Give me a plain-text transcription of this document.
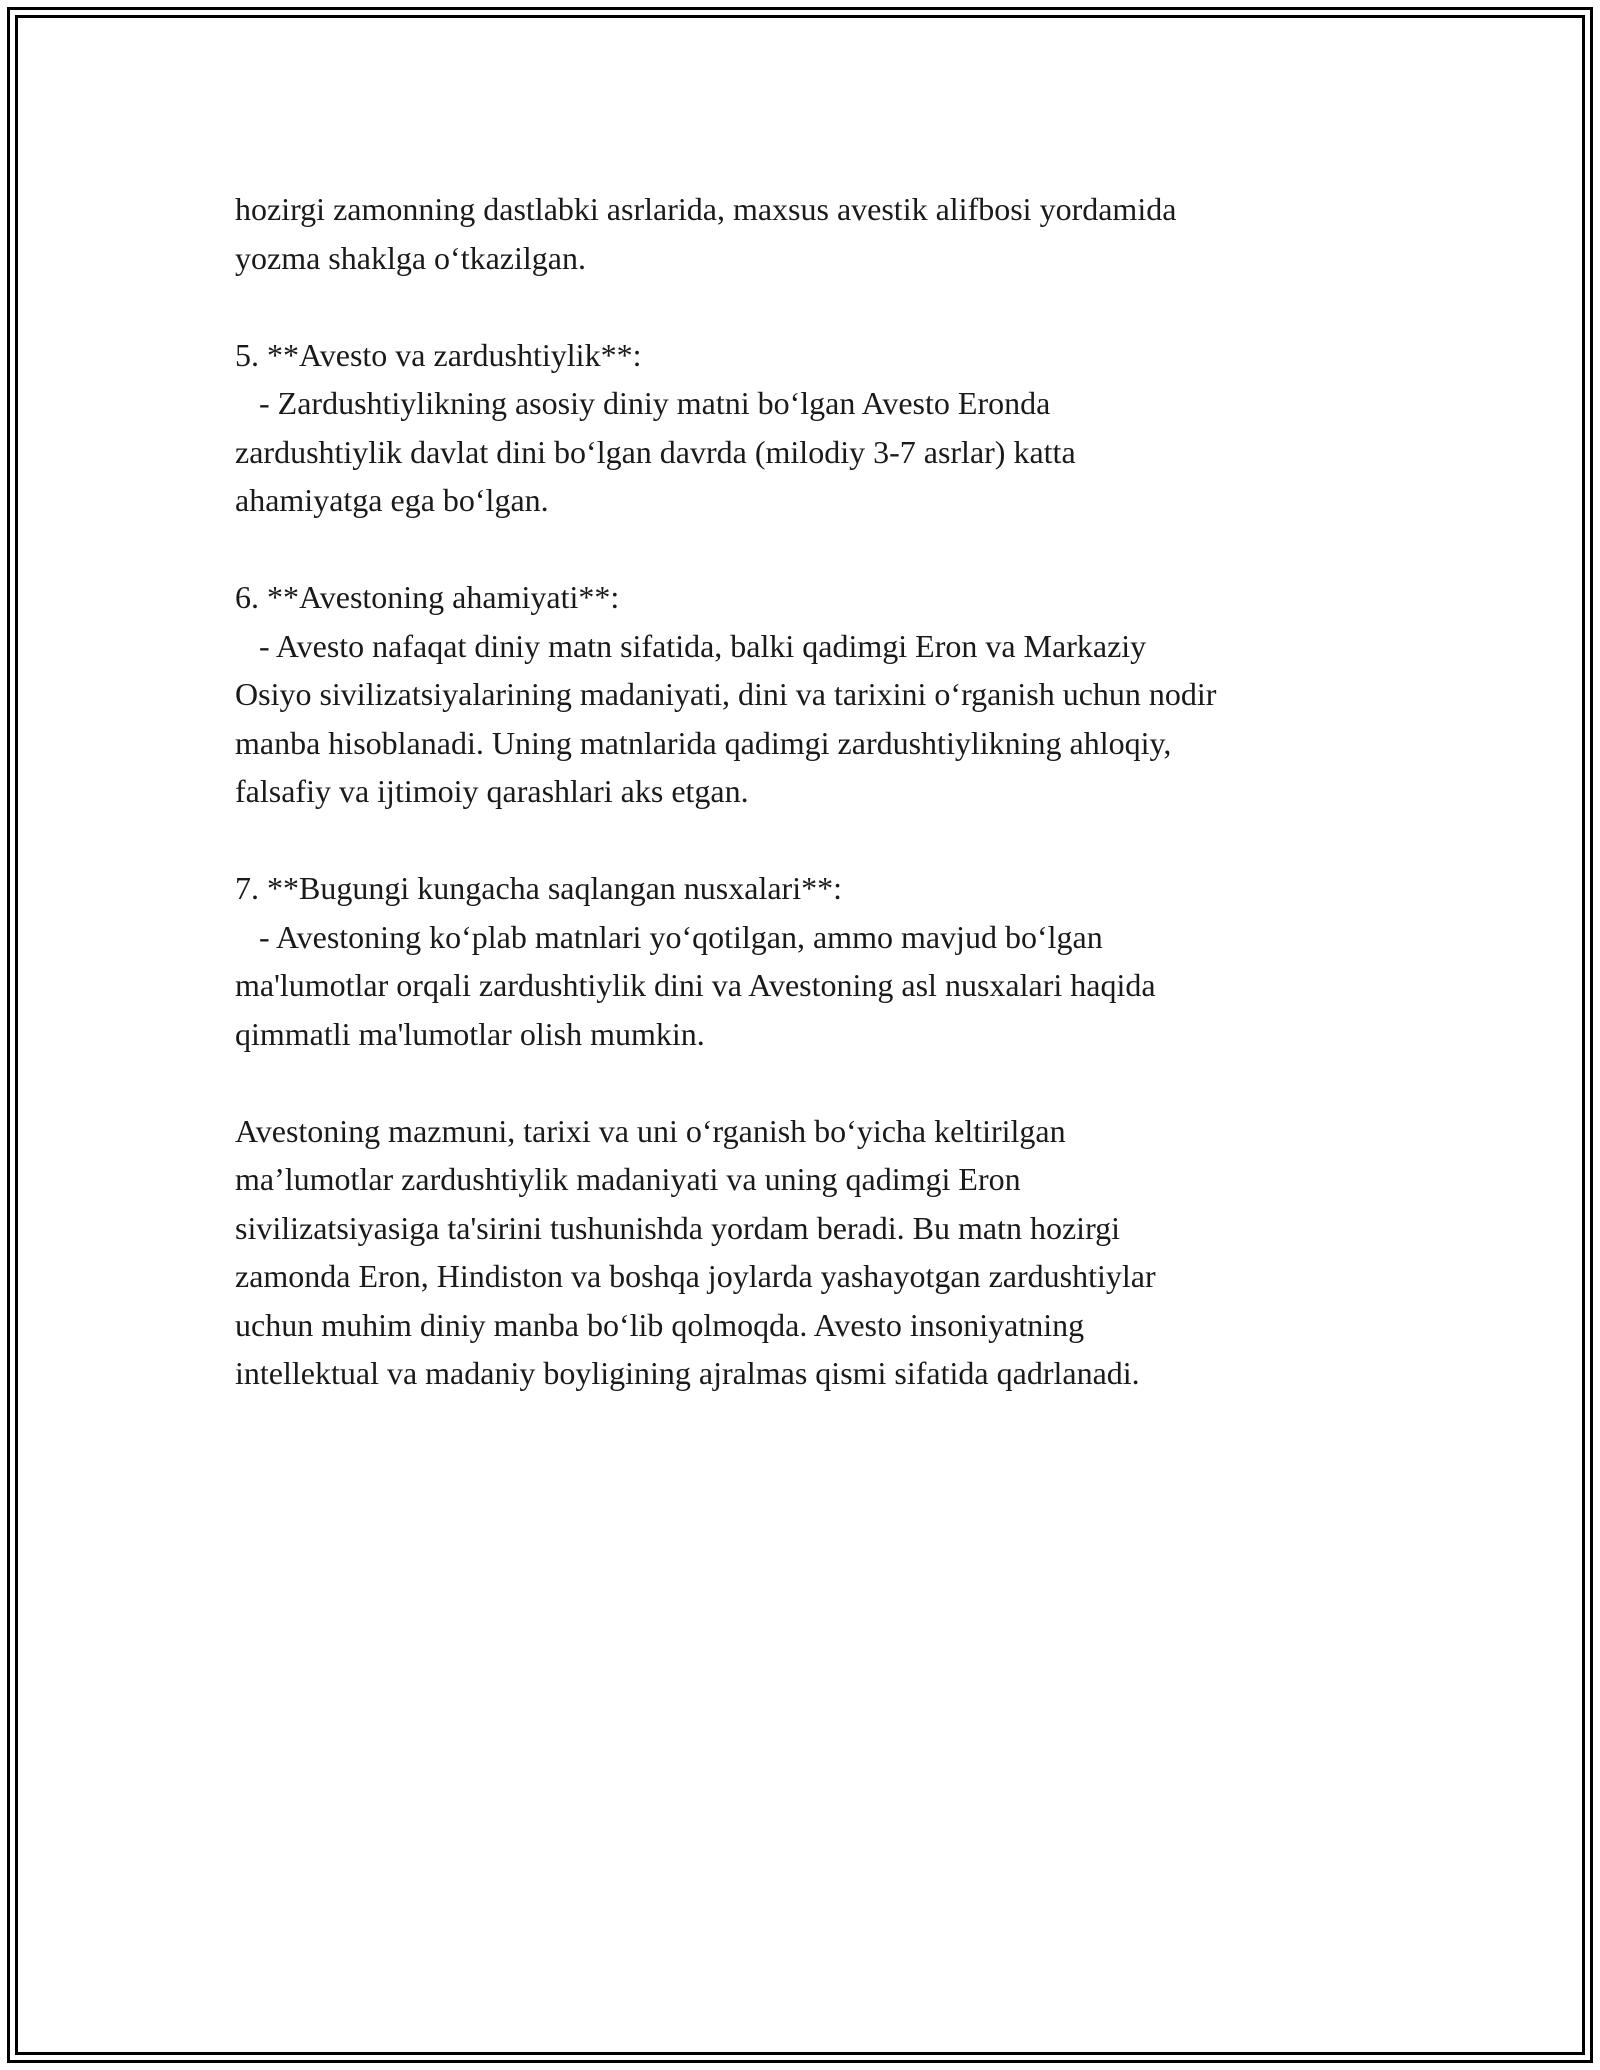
hozirgi zamonning dastlabki asrlarida, maxsus avestik alifbosi yordamida
yozma shaklga o‘tkazilgan.
5. **Avesto va zardushtiylik**:
- Zardushtiylikning asosiy diniy matni bo‘lgan Avesto Eronda
zardushtiylik davlat dini bo‘lgan davrda (milodiy 3-7 asrlar) katta
ahamiyatga ega bo‘lgan.
6. **Avestoning ahamiyati**:
- Avesto nafaqat diniy matn sifatida, balki qadimgi Eron va Markaziy
Osiyo sivilizatsiyalarining madaniyati, dini va tarixini o‘rganish uchun nodir
manba hisoblanadi. Uning matnlarida qadimgi zardushtiylikning ahloqiy,
falsafiy va ijtimoiy qarashlari aks etgan.
7. **Bugungi kungacha saqlangan nusxalari**:
- Avestoning ko‘plab matnlari yo‘qotilgan, ammo mavjud bo‘lgan
ma'lumotlar orqali zardushtiylik dini va Avestoning asl nusxalari haqida
qimmatli ma'lumotlar olish mumkin.
Avestoning mazmuni, tarixi va uni o‘rganish bo‘yicha keltirilgan
ma’lumotlar zardushtiylik madaniyati va uning qadimgi Eron
sivilizatsiyasiga ta'sirini tushunishda yordam beradi. Bu matn hozirgi
zamonda Eron, Hindiston va boshqa joylarda yashayotgan zardushtiylar
uchun muhim diniy manba bo‘lib qolmoqda. Avesto insoniyatning
intellektual va madaniy boyligining ajralmas qismi sifatida qadrlanadi.
